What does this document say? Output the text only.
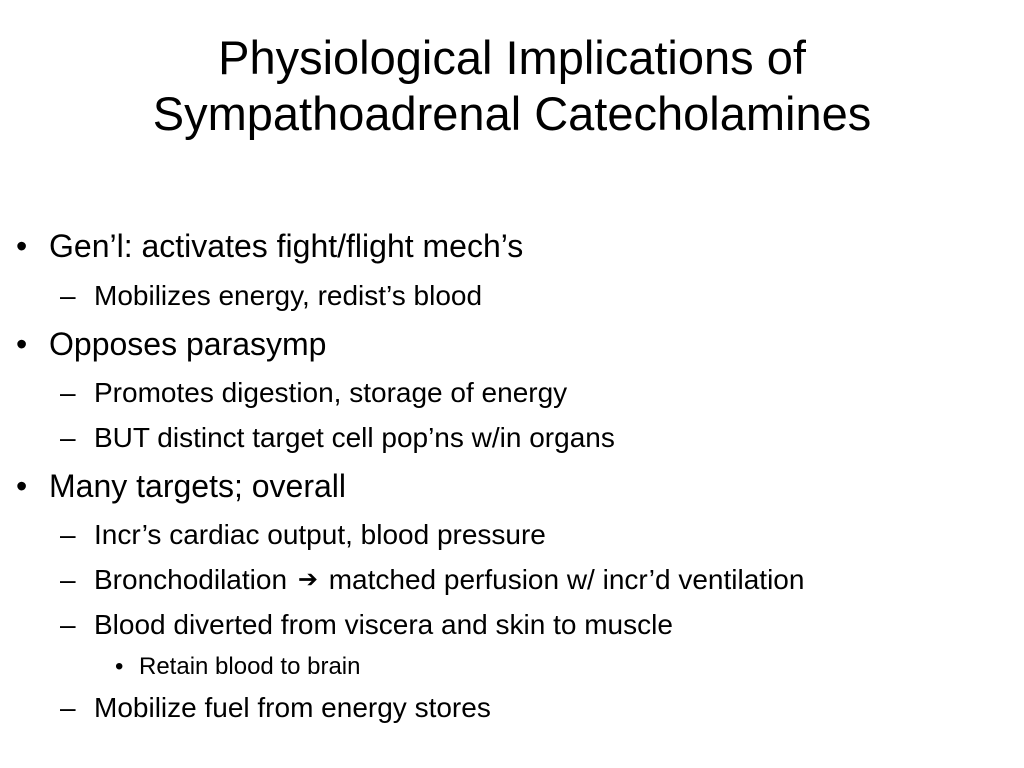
Physiological Implications of
Sympathoadrenal Catecholamines
• Gen’l: activates fight/flight mech’s
– Mobilizes energy, redist’s blood
• Opposes parasymp
– Promotes digestion, storage of energy
– BUT distinct target cell pop’ns w/in organs
• Many targets; overall
– Incr’s cardiac output, blood pressure
– Bronchodilation ➔ matched perfusion w/ incr’d ventilation
– Blood diverted from viscera and skin to muscle
• Retain blood to brain
– Mobilize fuel from energy stores
